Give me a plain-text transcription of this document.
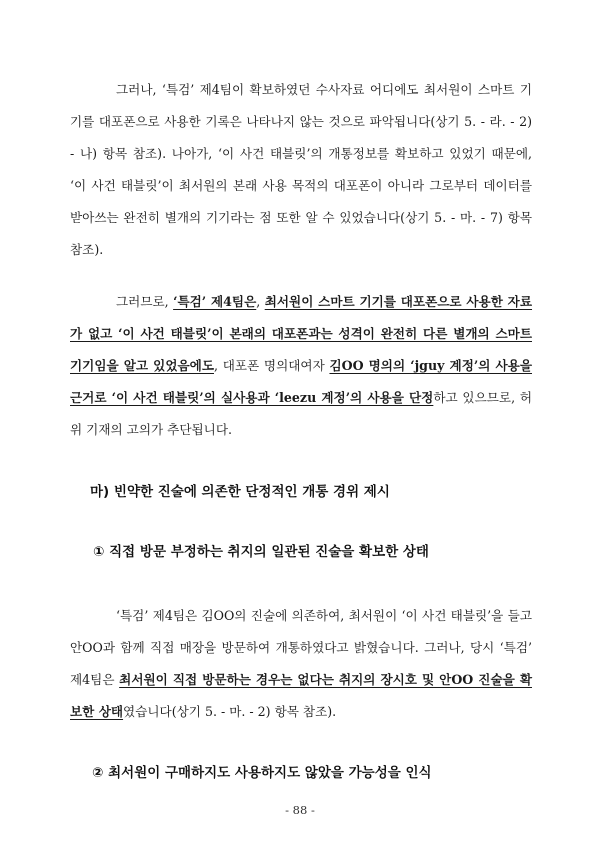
그러나, ‘특검’ 제4팀이 확보하였던 수사자료 어디에도 최서원이 스마트 기기를 대포폰으로 사용한 기록은 나타나지 않는 것으로 파악됩니다(상기 5. - 라. - 2) - 나) 항목 참조). 나아가, ‘이 사건 태블릿’의 개통정보를 확보하고 있었기 때문에, ‘이 사건 태블릿’이 최서원의 본래 사용 목적의 대포폰이 아니라 그로부터 데이터를 받아쓰는 완전히 별개의 기기라는 점 또한 알 수 있었습니다(상기 5. - 마. - 7) 항목 참조).

그러므로, ‘특검’ 제4팀은, 최서원이 스마트 기기를 대포폰으로 사용한 자료가 없고 ‘이 사건 태블릿’이 본래의 대포폰과는 성격이 완전히 다른 별개의 스마트 기기임을 알고 있었음에도, 대포폰 명의대여자 김OO 명의의 ‘jguy 계정’의 사용을 근거로 ‘이 사건 태블릿’의 실사용과 ‘leezu 계정’의 사용을 단정하고 있으므로, 허위 기재의 고의가 추단됩니다.

마) 빈약한 진술에 의존한 단정적인 개통 경위 제시
① 직접 방문 부정하는 취지의 일관된 진술을 확보한 상태

‘특검’ 제4팀은 김OO의 진술에 의존하여, 최서원이 ‘이 사건 태블릿’을 들고 안OO과 함께 직접 매장을 방문하여 개통하였다고 밝혔습니다. 그러나, 당시 ‘특검’ 제4팀은 최서원이 직접 방문하는 경우는 없다는 취지의 장시호 및 안OO 진술을 확보한 상태였습니다(상기 5. - 마. - 2) 항목 참조).

② 최서원이 구매하지도 사용하지도 않았을 가능성을 인식
- 88 -
